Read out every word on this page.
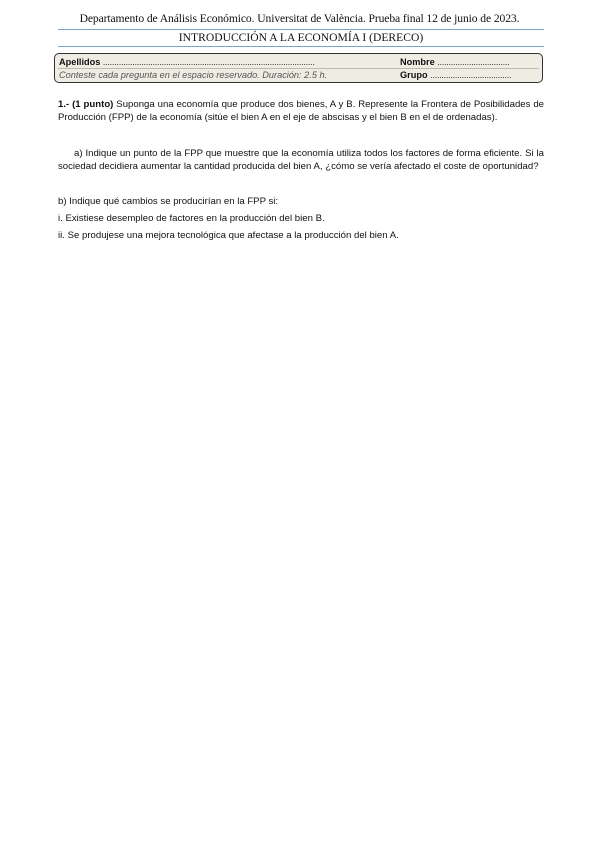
Departamento de Análisis Económico. Universitat de València. Prueba final 12 de junio de 2023.
INTRODUCCIÓN A LA ECONOMÍA I (DERECO)
Apellidos ..............................................................................................	Nombre ................................
Conteste cada pregunta en el espacio reservado. Duración: 2.5 h.	Grupo ....................................
1.- (1 punto) Suponga una economía que produce dos bienes, A y B. Represente la Frontera de Posibilidades de Producción (FPP) de la economía (sitúe el bien A en el eje de abscisas y el bien B en el de ordenadas).
a) Indique un punto de la FPP que muestre que la economía utiliza todos los factores de forma eficiente. Si la sociedad decidiera aumentar la cantidad producida del bien A, ¿cómo se vería afectado el coste de oportunidad?
b) Indique qué cambios se producirían en la FPP si:
i. Existiese desempleo de factores en la producción del bien B.
ii. Se produjese una mejora tecnológica que afectase a la producción del bien A.
